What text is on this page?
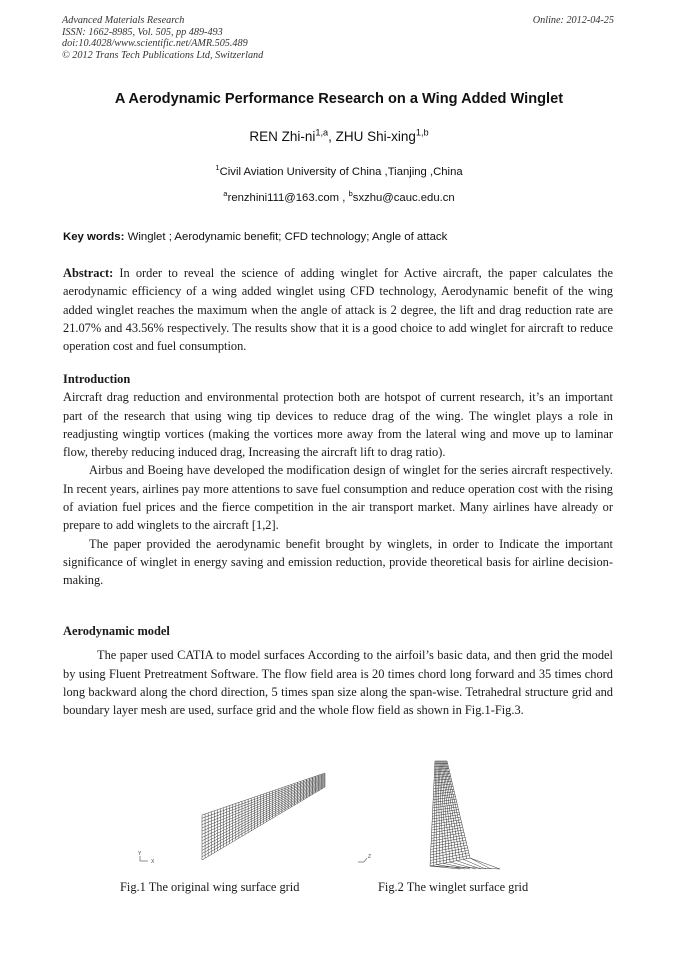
Advanced Materials Research
ISSN: 1662-8985, Vol. 505, pp 489-493
doi:10.4028/www.scientific.net/AMR.505.489
© 2012 Trans Tech Publications Ltd, Switzerland
Online: 2012-04-25
A Aerodynamic Performance Research on a Wing Added Winglet
REN Zhi-ni$^{1,a}$, ZHU Shi-xing$^{1,b}$
$^1$Civil Aviation University of China ,Tianjing ,China
$^a$renzhini111@163.com , $^b$sxzhu@cauc.edu.cn
Key words: Winglet ; Aerodynamic benefit; CFD technology; Angle of attack

Abstract: In order to reveal the science of adding winglet for Active aircraft, the paper calculates the aerodynamic efficiency of a wing added winglet using CFD technology, Aerodynamic benefit of the wing added winglet reaches the maximum when the angle of attack is 2 degree, the lift and drag reduction rate are 21.07% and 43.56% respectively. The results show that it is a good choice to add winglet for aircraft to reduce operation cost and fuel consumption.

Introduction

Aircraft drag reduction and environmental protection both are hotspot of current research, it’s an important part of the research that using wing tip devices to reduce drag of the wing. The winglet plays a role in readjusting wingtip vortices (making the vortices more away from the lateral wing and move up to laminar flow, thereby reducing induced drag, Increasing the aircraft lift to drag ratio).

Airbus and Boeing have developed the modification design of winglet for the series aircraft respectively. In recent years, airlines pay more attentions to save fuel consumption and reduce operation cost with the rising of aviation fuel prices and the fierce competition in the air transport market. Many airlines have already or prepare to add winglets to the aircraft [1,2].

The paper provided the aerodynamic benefit brought by winglets, in order to Indicate the important significance of winglet in energy saving and emission reduction, provide theoretical basis for airline decision-making.

Aerodynamic model

The paper used CATIA to model surfaces According to the airfoil’s basic data, and then grid the model by using Fluent Pretreatment Software. The flow field area is 20 times chord long forward and 35 times chord long backward along the chord direction, 5 times span size along the span-wise. Tetrahedral structure grid and boundary layer mesh are used, surface grid and the whole flow field as shown in Fig.1-Fig.3.

Y
X
Z
Fig.1 The original wing surface grid	Fig.2 The winglet surface grid
